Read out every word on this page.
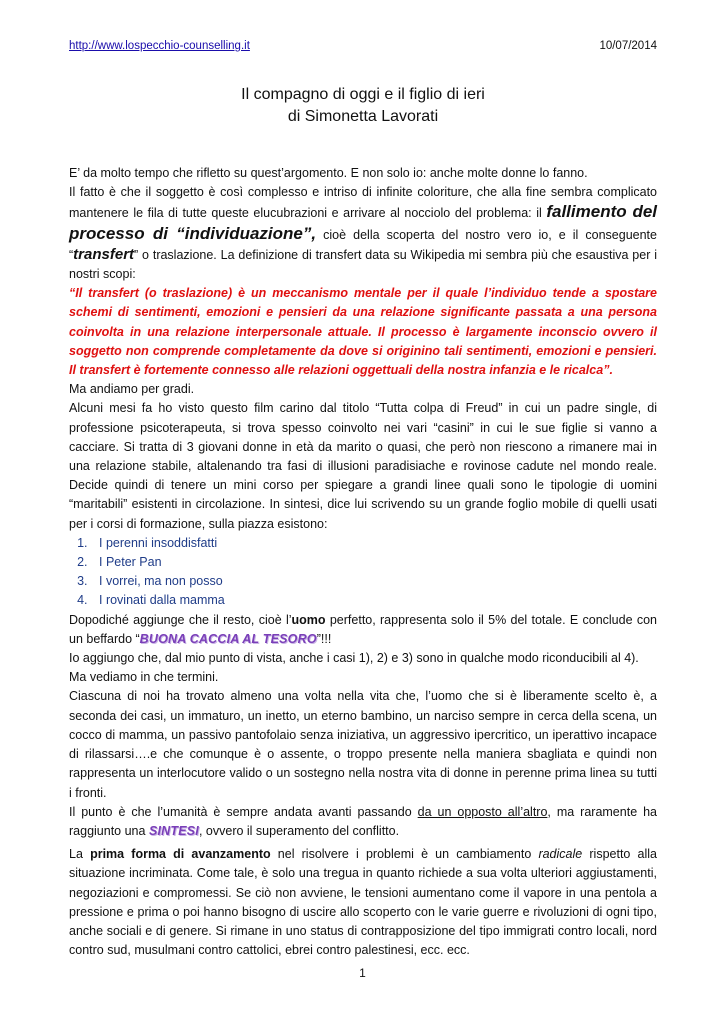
http://www.lospecchio-counselling.it	10/07/2014
Il compagno di oggi e il figlio di ieri
di Simonetta Lavorati

E’ da molto tempo che rifletto su quest’argomento. E non solo io: anche molte donne lo fanno.

Il fatto è che il soggetto è così complesso e intriso di infinite coloriture, che alla fine sembra complicato mantenere le fila di tutte queste elucubrazioni e arrivare al nocciolo del problema: il fallimento del processo di “individuazione”, cioè della scoperta del nostro vero io, e il conseguente “transfert” o traslazione. La definizione di transfert data su Wikipedia mi sembra più che esaustiva per i nostri scopi:

“Il transfert (o traslazione) è un meccanismo mentale per il quale l’individuo tende a spostare schemi di sentimenti, emozioni e pensieri da una relazione significante passata a una persona coinvolta in una relazione interpersonale attuale. Il processo è largamente inconscio ovvero il soggetto non comprende completamente da dove si originino tali sentimenti, emozioni e pensieri. Il transfert è fortemente connesso alle relazioni oggettuali della nostra infanzia e le ricalca”.

Ma andiamo per gradi.

Alcuni mesi fa ho visto questo film carino dal titolo “Tutta colpa di Freud” in cui un padre single, di professione psicoterapeuta, si trova spesso coinvolto nei vari “casini” in cui le sue figlie si vanno a cacciare. Si tratta di 3 giovani donne in età da marito o quasi, che però non riescono a rimanere mai in una relazione stabile, altalenando tra fasi di illusioni paradisiache e rovinose cadute nel mondo reale. Decide quindi di tenere un mini corso per spiegare a grandi linee quali sono le tipologie di uomini “maritabili” esistenti in circolazione. In sintesi, dice lui scrivendo su un grande foglio mobile di quelli usati per i corsi di formazione, sulla piazza esistono:

1. I perenni insoddisfatti
2. I Peter Pan
3. I vorrei, ma non posso
4. I rovinati dalla mamma

Dopodiché aggiunge che il resto, cioè l’uomo perfetto, rappresenta solo il 5% del totale. E conclude con un beffardo “BUONA CACCIA AL TESORO”!!!

Io aggiungo che, dal mio punto di vista, anche i casi 1), 2) e 3) sono in qualche modo riconducibili al 4).

Ma vediamo in che termini.

Ciascuna di noi ha trovato almeno una volta nella vita che, l’uomo che si è liberamente scelto è, a seconda dei casi, un immaturo, un inetto, un eterno bambino, un narciso sempre in cerca della scena, un cocco di mamma, un passivo pantofolaio senza iniziativa, un aggressivo ipercritico, un iperattivo incapace di rilassarsi….e che comunque è o assente, o troppo presente nella maniera sbagliata e quindi non rappresenta un interlocutore valido o un sostegno nella nostra vita di donne in perenne prima linea su tutti i fronti.

Il punto è che l’umanità è sempre andata avanti passando da un opposto all’altro, ma raramente ha raggiunto una SINTESI, ovvero il superamento del conflitto.

La prima forma di avanzamento nel risolvere i problemi è un cambiamento radicale rispetto alla situazione incriminata. Come tale, è solo una tregua in quanto richiede a sua volta ulteriori aggiustamenti, negoziazioni e compromessi. Se ciò non avviene, le tensioni aumentano come il vapore in una pentola a pressione e prima o poi hanno bisogno di uscire allo scoperto con le varie guerre e rivoluzioni di ogni tipo, anche sociali e di genere. Si rimane in uno status di contrapposizione del tipo immigrati contro locali, nord contro sud, musulmani contro cattolici, ebrei contro palestinesi, ecc. ecc.

1
